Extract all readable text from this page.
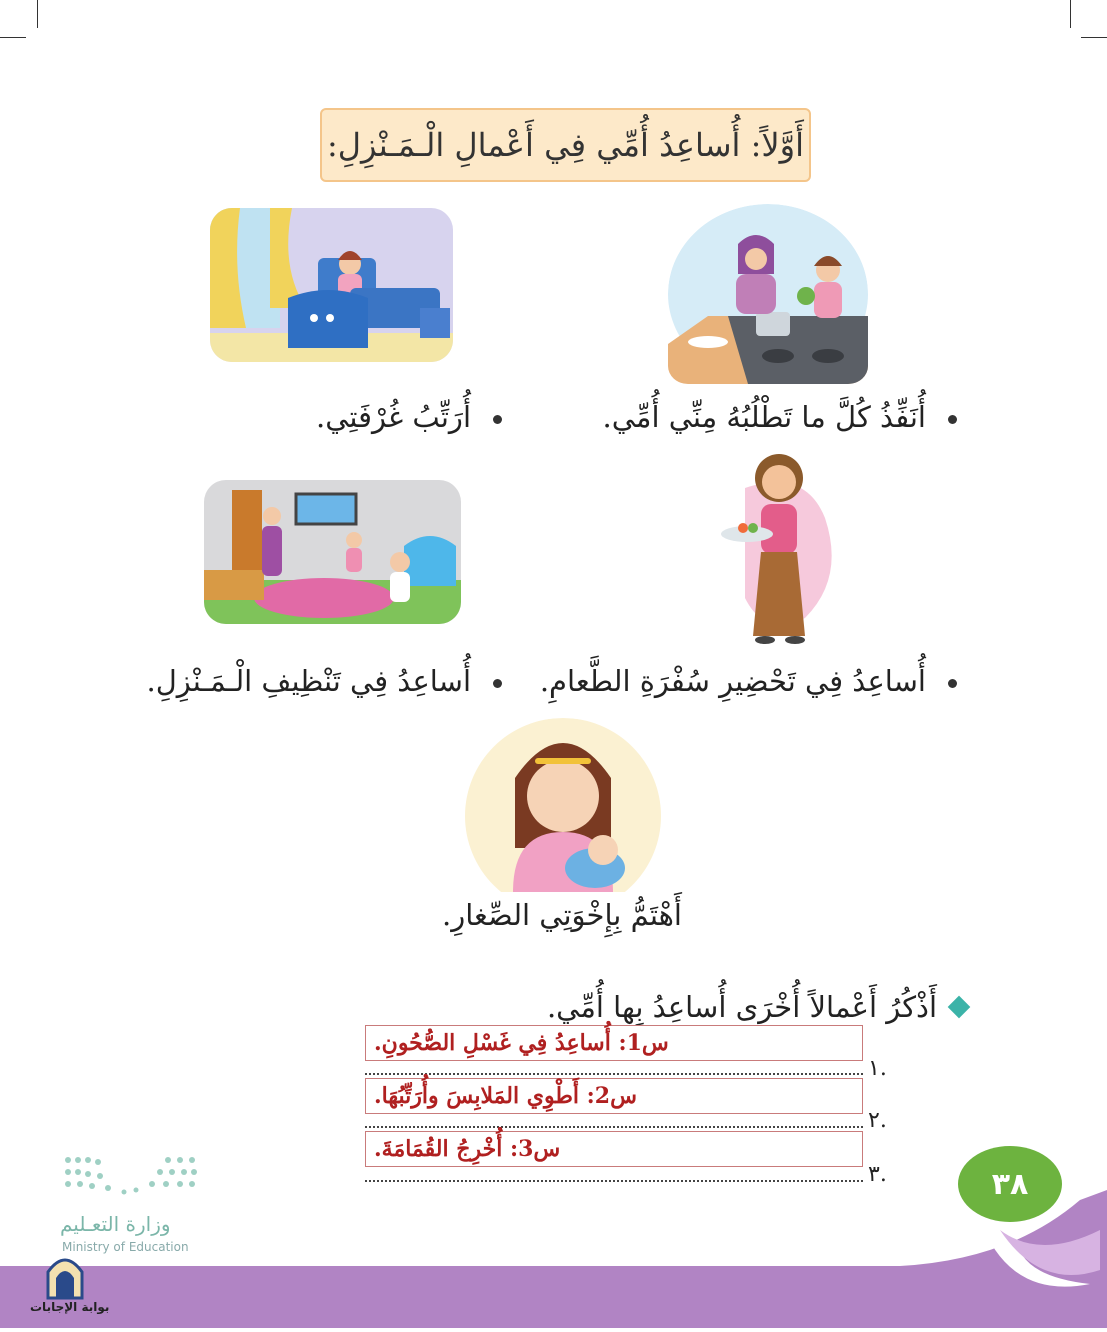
أَوَّلاً: أُساعِدُ أُمِّي فِي أَعْمالِ الْـمَـنْزِلِ:
أُنَفِّذُ كُلَّ ما تَطْلُبُهُ مِنِّي أُمِّي.
أُرَتِّبُ غُرْفَتِي.
أُساعِدُ فِي تَحْضِيرِ سُفْرَةِ الطَّعامِ.
أُساعِدُ فِي تَنْظِيفِ الْـمَـنْزِلِ.
أَهْتَمُّ بِإِخْوَتِي الصِّغارِ.
أَذْكُرُ أَعْمالاً أُخْرَى أُساعِدُ بِها أُمِّي.
س1: أُساعِدُ فِي غَسْلِ الصُّحُونِ.
.١
س2: أَطْوِي المَلابِسَ وأُرَتِّبُهَا.
.٢
س3: أُخْرِجُ القُمَامَةَ.
.٣
وزارة التعـليم
Ministry of Education
٣٨
بوابة الإجابات
